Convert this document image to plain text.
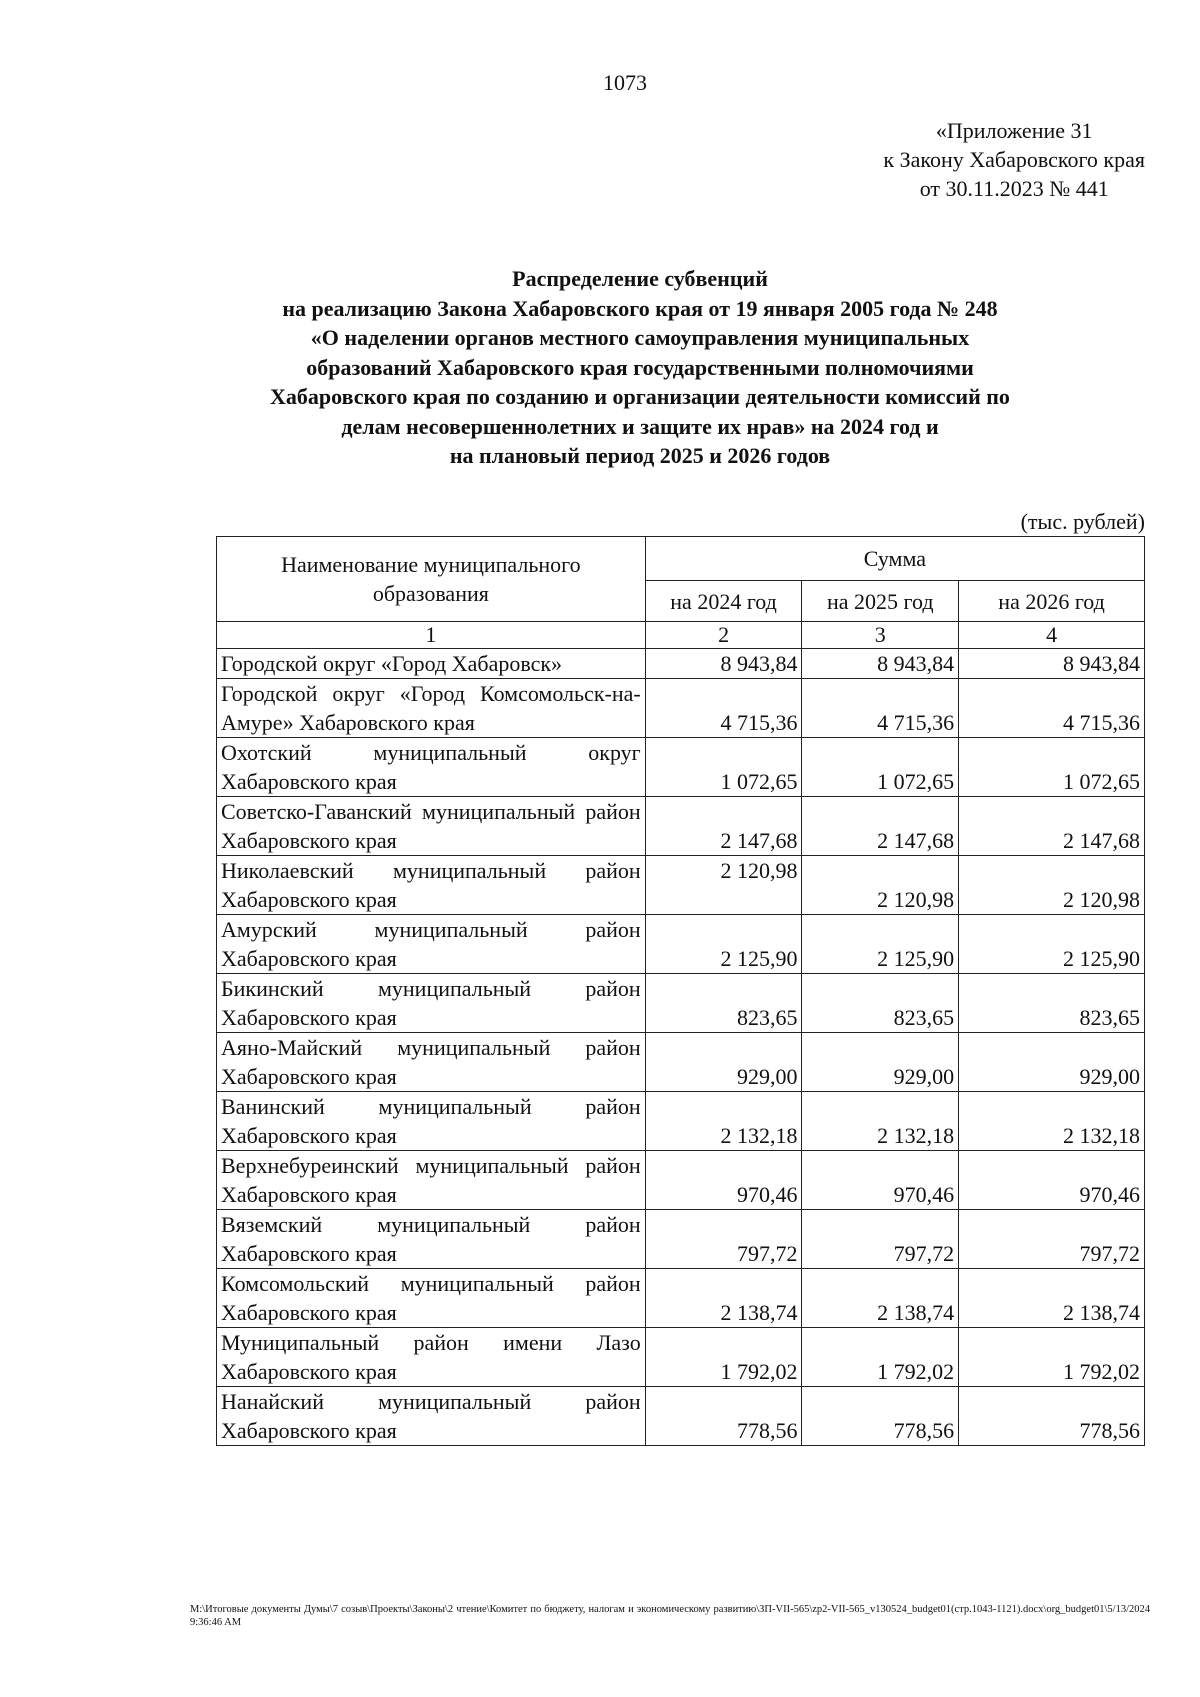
1073
«Приложение 31
к Закону Хабаровского края
от 30.11.2023 № 441
Распределение субвенций
на реализацию Закона Хабаровского края от 19 января 2005 года № 248
«О наделении органов местного самоуправления муниципальных
образований Хабаровского края государственными полномочиями
Хабаровского края по созданию и организации деятельности комиссий по
делам несовершеннолетних и защите их нрав» на 2024 год и
на плановый период 2025 и 2026 годов
(тыс. рублей)
Наименование муниципального образования	Сумма		
	на 2024 год	на 2025 год	на 2026 год
1	2	3	4
Городской округ «Город Хабаровск»	8 943,84	8 943,84	8 943,84
Городской округ «Город Комсомольск-на-Амуре» Хабаровского края	4 715,36	4 715,36	4 715,36
Охотский муниципальный округ Хабаровского края	1 072,65	1 072,65	1 072,65
Советско-Гаванский муниципальный район Хабаровского края	2 147,68	2 147,68	2 147,68
Николаевский муниципальный район Хабаровского края	2 120,98	2 120,98	2 120,98
Амурский муниципальный район Хабаровского края	2 125,90	2 125,90	2 125,90
Бикинский муниципальный район Хабаровского края	823,65	823,65	823,65
Аяно-Майский муниципальный район Хабаровского края	929,00	929,00	929,00
Ванинский муниципальный район Хабаровского края	2 132,18	2 132,18	2 132,18
Верхнебуреинский муниципальный район Хабаровского края	970,46	970,46	970,46
Вяземский муниципальный район Хабаровского края	797,72	797,72	797,72
Комсомольский муниципальный район Хабаровского края	2 138,74	2 138,74	2 138,74
Муниципальный район имени Лазо Хабаровского края	1 792,02	1 792,02	1 792,02
Нанайский муниципальный район Хабаровского края	778,56	778,56	778,56
M:\Итоговые документы Думы\7 созыв\Проекты\Законы\2 чтение\Комитет по бюджету, налогам и экономическому развитию\ЗП-VII-565\zp2-VII-565_v130524_budget01(стр.1043-1121).docx\org_budget01\5/13/2024 9:36:46 AM
